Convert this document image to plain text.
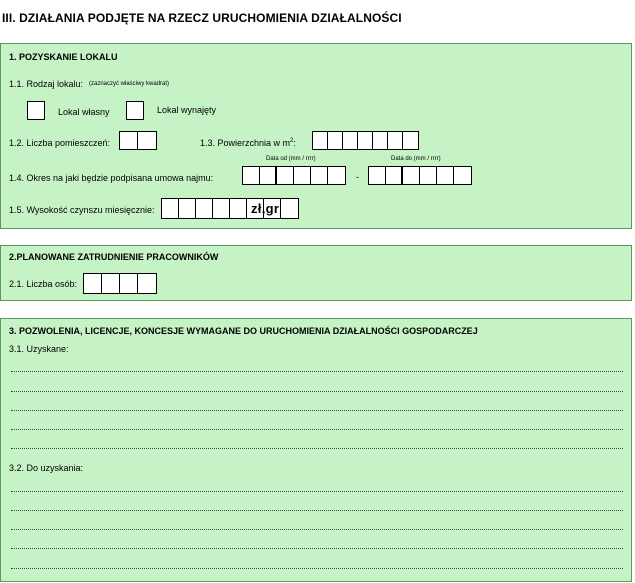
III. DZIAŁANIA PODJĘTE NA RZECZ URUCHOMIENIA DZIAŁALNOŚCI
1. POZYSKANIE LOKALU
1.1. Rodzaj lokalu: (zaznaczyć właściwy kwadrat)
Lokal własny	Lokal wynajęty
1.2. Liczba pomieszczeń:	1.3. Powierzchnia w $m^2$:
Data od (mm / rrrr)	Data do (mm / rrrr)
1.4. Okres na jaki będzie podpisana umowa najmu:	-
1.5. Wysokość czynszu miesięcznie:	zł,gr
2.PLANOWANE ZATRUDNIENIE PRACOWNIKÓW
2.1. Liczba osób:
3. POZWOLENIA, LICENCJE, KONCESJE WYMAGANE DO URUCHOMIENIA DZIAŁALNOŚCI GOSPODARCZEJ
3.1. Uzyskane:
3.2. Do uzyskania:
